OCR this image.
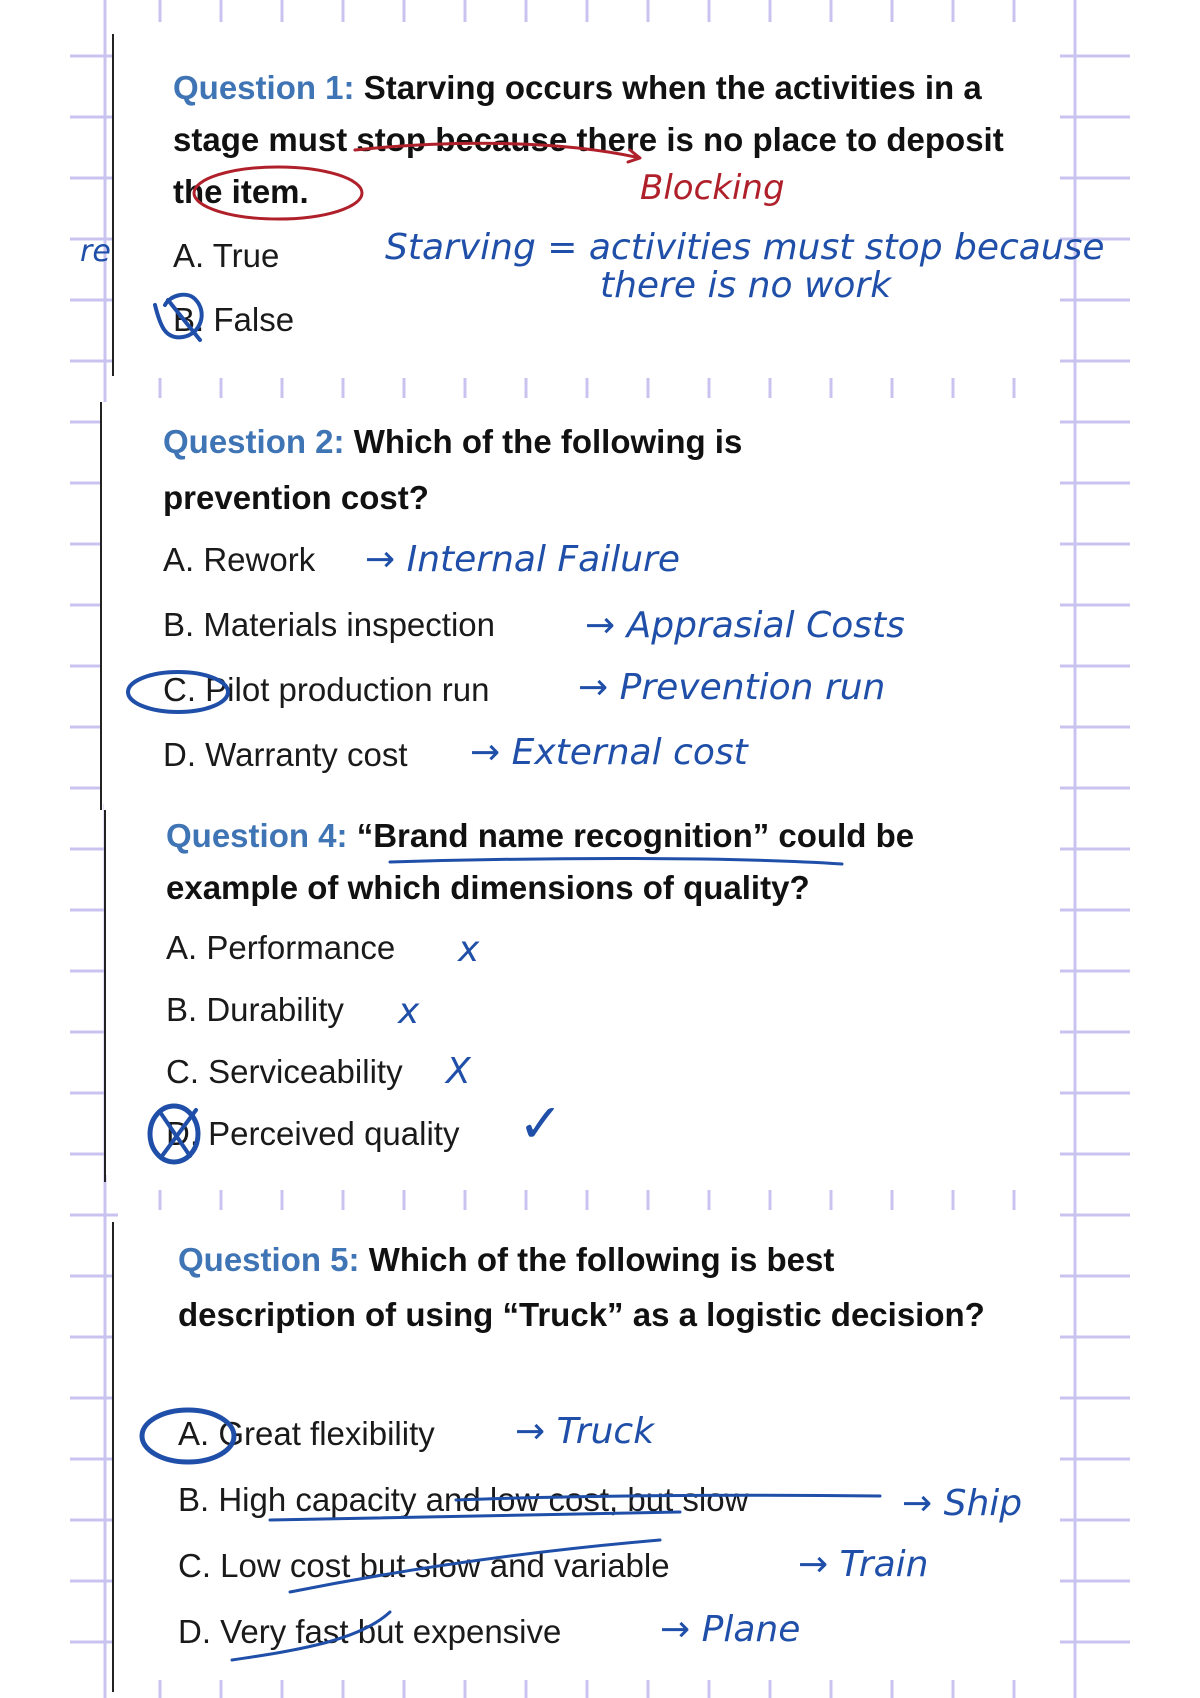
re

Question 1: Starving occurs when the activities in a stage must stop because there is no place to deposit the item.

A. True
B. False
Blocking
Starving = activities must stop because
there is no work

Question 2: Which of the following is prevention cost?

A. Rework
B. Materials inspection
C. Pilot production run
D. Warranty cost
→ Internal Failure
→ Apprasial Costs
→ Prevention run
→ External cost

Question 4: “Brand name recognition” could be example of which dimensions of quality?

A. Performance
B. Durability
C. Serviceability
D. Perceived quality
x
x
X
✓

Question 5: Which of the following is best description of using “Truck” as a logistic decision?

A. Great flexibility
B. High capacity and low cost, but slow
C. Low cost but slow and variable
D. Very fast but expensive
→ Truck
→ Ship
→ Train
→ Plane
